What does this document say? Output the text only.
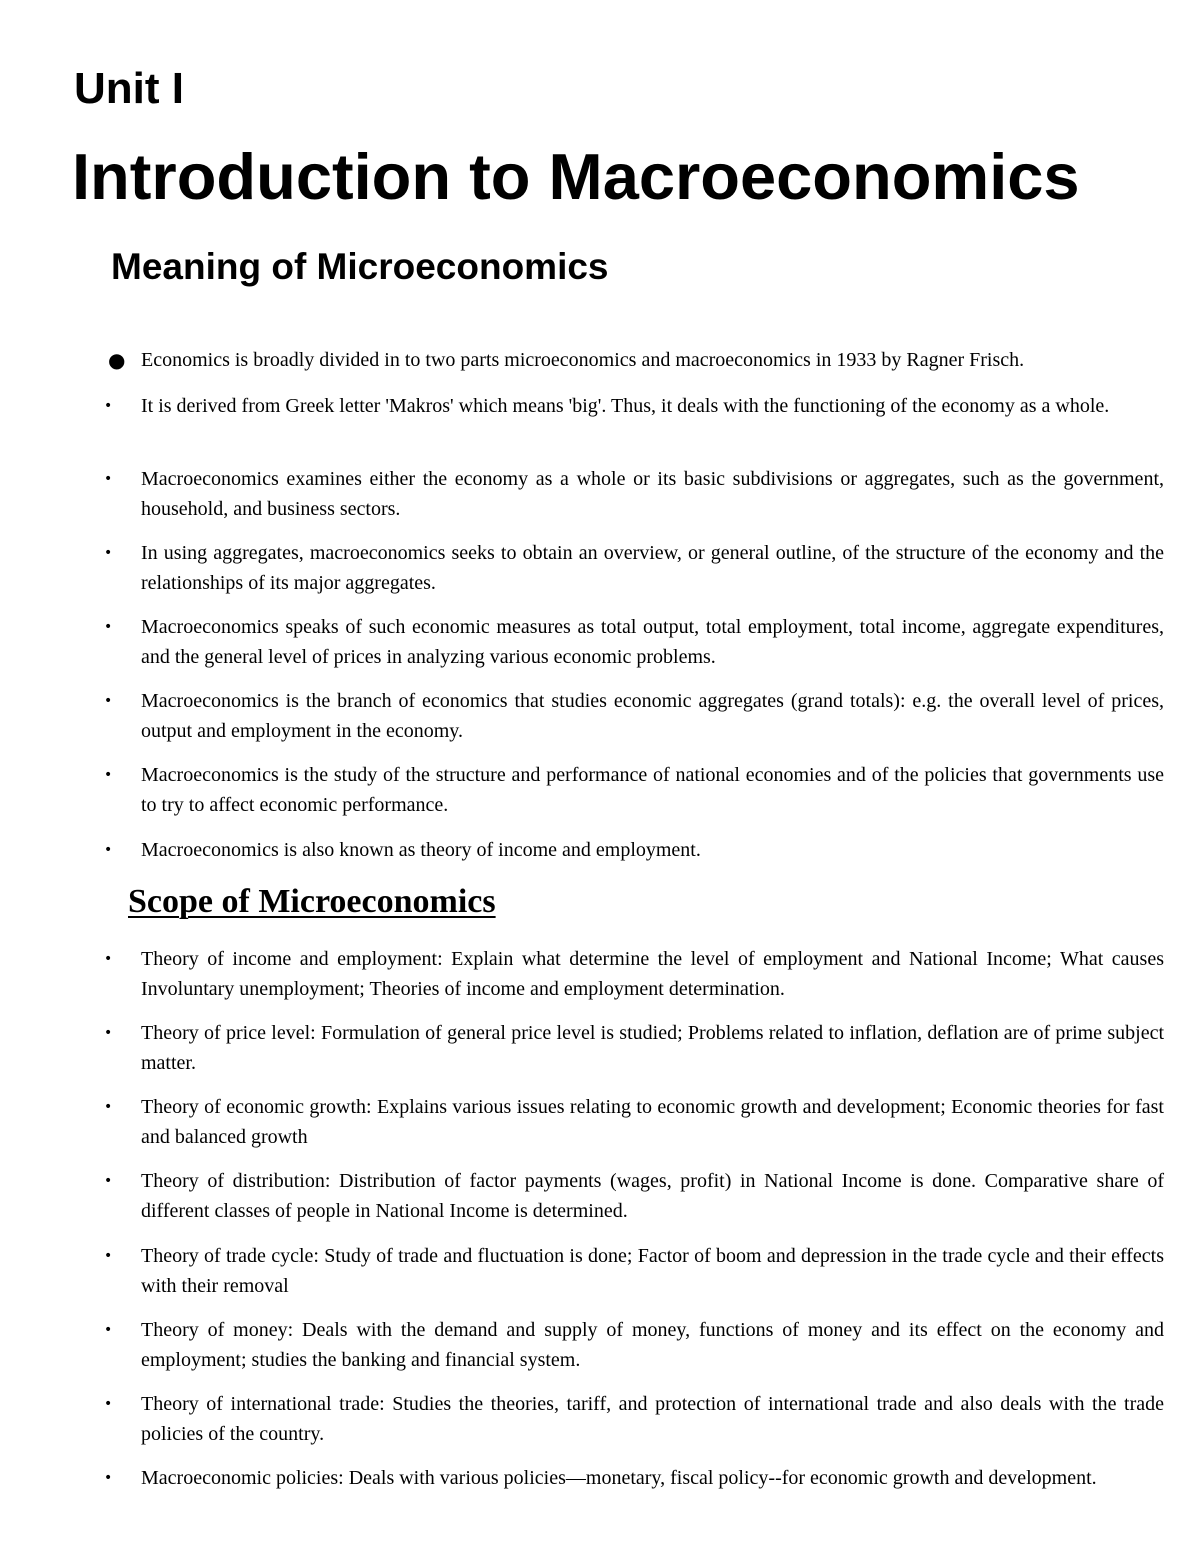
Unit I
Introduction to Macroeconomics
Meaning of Microeconomics
● Economics is broadly divided in to two parts microeconomics and macroeconomics in 1933 by Ragner Frisch.

• It is derived from Greek letter 'Makros' which means 'big'. Thus, it deals with the functioning of the economy as a whole.

• Macroeconomics examines either the economy as a whole or its basic subdivisions or aggregates, such as the government, household, and business sectors.

• In using aggregates, macroeconomics seeks to obtain an overview, or general outline, of the structure of the economy and the relationships of its major aggregates.

• Macroeconomics speaks of such economic measures as total output, total employment, total income, aggregate expenditures, and the general level of prices in analyzing various economic problems.

• Macroeconomics is the branch of economics that studies economic aggregates (grand totals): e.g. the overall level of prices, output and employment in the economy.

• Macroeconomics is the study of the structure and performance of national economies and of the policies that governments use to try to affect economic performance.

• Macroeconomics is also known as theory of income and employment.

Scope of Microeconomics
• Theory of income and employment: Explain what determine the level of employment and National Income; What causes Involuntary unemployment; Theories of income and employment determination.

• Theory of price level: Formulation of general price level is studied; Problems related to inflation, deflation are of prime subject matter.

• Theory of economic growth: Explains various issues relating to economic growth and development; Economic theories for fast and balanced growth

• Theory of distribution: Distribution of factor payments (wages, profit) in National Income is done. Comparative share of different classes of people in National Income is determined.

• Theory of trade cycle: Study of trade and fluctuation is done; Factor of boom and depression in the trade cycle and their effects with their removal

• Theory of money: Deals with the demand and supply of money, functions of money and its effect on the economy and employment; studies the banking and financial system.

• Theory of international trade: Studies the theories, tariff, and protection of international trade and also deals with the trade policies of the country.

• Macroeconomic policies: Deals with various policies—monetary, fiscal policy--for economic growth and development.
